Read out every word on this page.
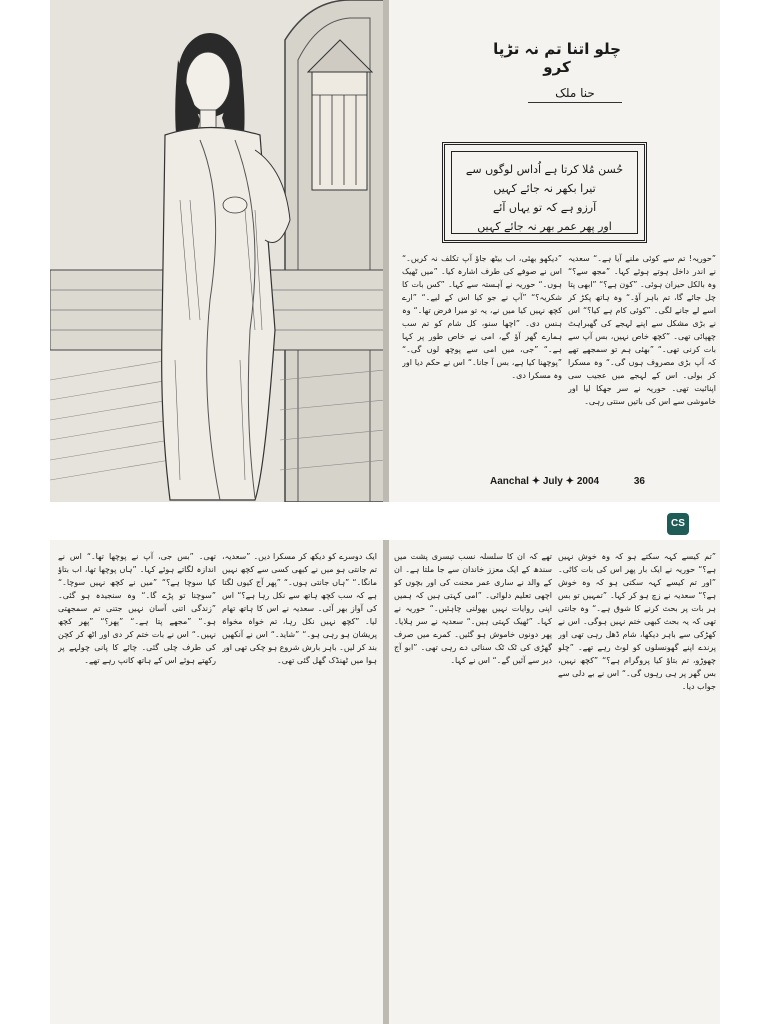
چلو اتنا تم نہ تڑپا کرو
حنا ملک
حُسن مُلا کرتا ہے اُداس لوگوں سے
تیرا بکھر نہ جائے کہیں
آرزو ہے کہ تو یہاں آئے
اور پھر عمر بھر نہ جائے کہیں
”حوریہ! تم سے کوئی ملنے آیا ہے۔“ سعدیہ نے اندر داخل ہوتے ہوئے کہا۔ ”مجھ سے؟“ وہ بالکل حیران ہوئی۔ ”کون ہے؟“ ”ابھی پتا چل جائے گا، تم باہر آؤ۔“ وہ ہاتھ پکڑ کر اسے لے جانے لگی۔ ”کوئی کام ہے کیا؟“ اس نے بڑی مشکل سے اپنے لہجے کی گھبراہٹ چھپائی تھی۔ ”کچھ خاص نہیں، بس آپ سے بات کرنی تھی۔“ ”بھئی ہم تو سمجھے تھے کہ آپ بڑی مصروف ہوں گی۔“ وہ مسکرا کر بولی۔ اس کے لہجے میں عجیب سی اپنائیت تھی۔ حوریہ نے سر جھکا لیا اور خاموشی سے اس کی باتیں سنتی رہی۔
”دیکھو بھئی، اب بیٹھ جاؤ آپ تکلف نہ کریں۔“ اس نے صوفے کی طرف اشارہ کیا۔ ”میں ٹھیک ہوں۔“ حوریہ نے آہستہ سے کہا۔ ”کس بات کا شکریہ؟“ ”آپ نے جو کیا اس کے لیے۔“ ”ارے کچھ نہیں کیا میں نے، یہ تو میرا فرض تھا۔“ وہ ہنس دی۔ ”اچھا سنو، کل شام کو تم سب ہمارے گھر آؤ گے، امی نے خاص طور پر کہا ہے۔“ ”جی، میں امی سے پوچھ لوں گی۔“ ”پوچھنا کیا ہے، بس آ جانا۔“ اس نے حکم دیا اور وہ مسکرا دی۔
Aanchal ✦ July ✦ 2004	36
CS
”تم کیسے کہہ سکتے ہو کہ وہ خوش نہیں ہے؟“ حوریہ نے ایک بار پھر اس کی بات کاٹی۔ ”اور تم کیسے کہہ سکتی ہو کہ وہ خوش ہے؟“ سعدیہ نے زچ ہو کر کہا۔ ”تمہیں تو بس ہر بات پر بحث کرنے کا شوق ہے۔“ وہ جانتی تھی کہ یہ بحث کبھی ختم نہیں ہوگی۔ اس نے کھڑکی سے باہر دیکھا، شام ڈھل رہی تھی اور پرندے اپنے گھونسلوں کو لوٹ رہے تھے۔ ”چلو چھوڑو، تم بتاؤ کیا پروگرام ہے؟“ ”کچھ نہیں، بس گھر پر ہی رہوں گی۔“ اس نے بے دلی سے جواب دیا۔
تھے کہ ان کا سلسلہ نسب تیسری پشت میں سندھ کے ایک معزز خاندان سے جا ملتا ہے۔ ان کے والد نے ساری عمر محنت کی اور بچوں کو اچھی تعلیم دلوائی۔ ”امی کہتی ہیں کہ ہمیں اپنی روایات نہیں بھولنی چاہئیں۔“ حوریہ نے کہا۔ ”ٹھیک کہتی ہیں۔“ سعدیہ نے سر ہلایا۔ پھر دونوں خاموش ہو گئیں۔ کمرے میں صرف گھڑی کی ٹک ٹک سنائی دے رہی تھی۔ ”ابو آج دیر سے آئیں گے۔“ اس نے کہا۔
ایک دوسرے کو دیکھ کر مسکرا دیں۔ ”سعدیہ، تم جانتی ہو میں نے کبھی کسی سے کچھ نہیں مانگا۔“ ”ہاں جانتی ہوں۔“ ”پھر آج کیوں لگتا ہے کہ سب کچھ ہاتھ سے نکل رہا ہے؟“ اس کی آواز بھر آئی۔ سعدیہ نے اس کا ہاتھ تھام لیا۔ ”کچھ نہیں نکل رہا، تم خواہ مخواہ پریشان ہو رہی ہو۔“ ”شاید۔“ اس نے آنکھیں بند کر لیں۔ باہر بارش شروع ہو چکی تھی اور ہوا میں ٹھنڈک گھل گئی تھی۔
تھی۔ ”بس جی، آپ نے پوچھا تھا۔“ اس نے اندازہ لگاتے ہوئے کہا۔ ”ہاں پوچھا تھا، اب بتاؤ کیا سوچا ہے؟“ ”میں نے کچھ نہیں سوچا۔“ ”سوچنا تو پڑے گا۔“ وہ سنجیدہ ہو گئی۔ ”زندگی اتنی آسان نہیں جتنی تم سمجھتی ہو۔“ ”مجھے پتا ہے۔“ ”پھر؟“ ”پھر کچھ نہیں۔“ اس نے بات ختم کر دی اور اٹھ کر کچن کی طرف چلی گئی۔ چائے کا پانی چولہے پر رکھتے ہوئے اس کے ہاتھ کانپ رہے تھے۔
